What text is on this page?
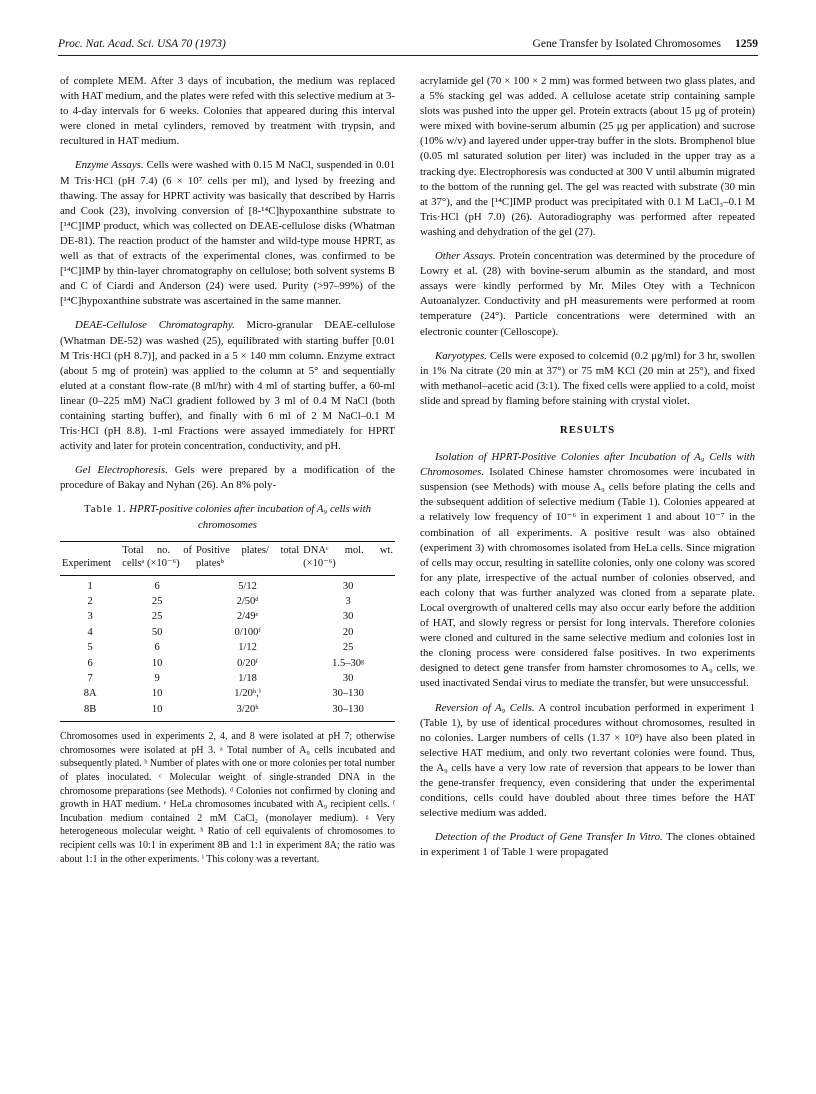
Proc. Nat. Acad. Sci. USA 70 (1973)	Gene Transfer by Isolated Chromosomes 1259

of complete MEM. After 3 days of incubation, the medium was replaced with HAT medium, and the plates were refed with this selective medium at 3- to 4-day intervals for 6 weeks. Colonies that appeared during this interval were cloned in metal cylinders, removed by treatment with trypsin, and recultured in HAT medium.

Enzyme Assays. Cells were washed with 0.15 M NaCl, suspended in 0.01 M Tris·HCl (pH 7.4) (6 × 10⁷ cells per ml), and lysed by freezing and thawing. The assay for HPRT activity was basically that described by Harris and Cook (23), involving conversion of [8-¹⁴C]hypoxanthine substrate to [¹⁴C]IMP product, which was collected on DEAE-cellulose disks (Whatman DE-81). The reaction product of the hamster and wild-type mouse HPRT, as well as that of extracts of the experimental clones, was confirmed to be [¹⁴C]IMP by thin-layer chromatography on cellulose; both solvent systems B and C of Ciardi and Anderson (24) were used. Purity (>97–99%) of the [¹⁴C]hypoxanthine substrate was ascertained in the same manner.

DEAE-Cellulose Chromatography. Micro-granular DEAE-cellulose (Whatman DE-52) was washed (25), equilibrated with starting buffer [0.01 M Tris·HCl (pH 8.7)], and packed in a 5 × 140 mm column. Enzyme extract (about 5 mg of protein) was applied to the column at 5° and sequentially eluted at a constant flow-rate (8 ml/hr) with 4 ml of starting buffer, a 60-ml linear (0–225 mM) NaCl gradient followed by 3 ml of 0.4 M NaCl (both containing starting buffer), and finally with 6 ml of 2 M NaCl–0.1 M Tris·HCl (pH 8.8). 1-ml Fractions were assayed immediately for HPRT activity and later for protein concentration, conductivity, and pH.

Gel Electrophoresis. Gels were prepared by a modification of the procedure of Bakay and Nyhan (26). An 8% poly-

Table 1. HPRT-positive colonies after incubation of A₉ cells with chromosomes
Experiment	Total no. of cellsᵃ (×10⁻⁶)	Positive plates/ total platesᵇ	DNAᶜ mol. wt. (×10⁻⁶)
1	6	5/12	30
2	25	2/50ᵈ	3
3	25	2/49ᵉ	30
4	50	0/100ᶠ	20
5	6	1/12	25
6	10	0/20ᶠ	1.5–30ᵍ
7	9	1/18	30
8A	10	1/20ʰ,ⁱ	30–130
8B	10	3/20ʰ	30–130
Chromosomes used in experiments 2, 4, and 8 were isolated at pH 7; otherwise chromosomes were isolated at pH 3. ᵃ Total number of A₉ cells incubated and subsequently plated. ᵇ Number of plates with one or more colonies per total number of plates inoculated. ᶜ Molecular weight of single-stranded DNA in the chromosome preparations (see Methods). ᵈ Colonies not confirmed by cloning and growth in HAT medium. ᵉ HeLa chromosomes incubated with A₉ recipient cells. ᶠ Incubation medium contained 2 mM CaCl₂ (monolayer medium). ᵍ Very heterogeneous molecular weight. ʰ Ratio of cell equivalents of chromosomes to recipient cells was 10:1 in experiment 8B and 1:1 in experiment 8A; the ratio was about 1:1 in the other experiments. ⁱ This colony was a revertant.

acrylamide gel (70 × 100 × 2 mm) was formed between two glass plates, and a 5% stacking gel was added. A cellulose acetate strip containing sample slots was pushed into the upper gel. Protein extracts (about 15 μg of protein) were mixed with bovine-serum albumin (25 μg per application) and sucrose (10% w/v) and layered under upper-tray buffer in the slots. Bromphenol blue (0.05 ml saturated solution per liter) was included in the upper tray as a tracking dye. Electrophoresis was conducted at 300 V until albumin migrated to the bottom of the running gel. The gel was reacted with substrate (30 min at 37°), and the [¹⁴C]IMP product was precipitated with 0.1 M LaCl₃–0.1 M Tris·HCl (pH 7.0) (26). Autoradiography was performed after repeated washing and dehydration of the gel (27).

Other Assays. Protein concentration was determined by the procedure of Lowry et al. (28) with bovine-serum albumin as the standard, and most assays were kindly performed by Mr. Miles Otey with a Technicon Autoanalyzer. Conductivity and pH measurements were performed at room temperature (24°). Particle concentrations were determined with an electronic counter (Celloscope).

Karyotypes. Cells were exposed to colcemid (0.2 μg/ml) for 3 hr, swollen in 1% Na citrate (20 min at 37°) or 75 mM KCl (20 min at 25°), and fixed with methanol–acetic acid (3:1). The fixed cells were applied to a cold, moist slide and spread by flaming before staining with crystal violet.

RESULTS

Isolation of HPRT-Positive Colonies after Incubation of A₉ Cells with Chromosomes. Isolated Chinese hamster chromosomes were incubated in suspension (see Methods) with mouse A₉ cells before plating the cells and the subsequent addition of selective medium (Table 1). Colonies appeared at a relatively low frequency of 10⁻⁶ in experiment 1 and about 10⁻⁷ in the combination of all experiments. A positive result was also obtained (experiment 3) with chromosomes isolated from HeLa cells. Since migration of cells may occur, resulting in satellite colonies, only one colony was scored for any plate, irrespective of the actual number of colonies observed, and each colony that was further analyzed was cloned from a separate plate. Local overgrowth of unaltered cells may also occur early before the addition of HAT, and slowly regress or persist for long intervals. Therefore colonies were cloned and cultured in the same selective medium and colonies lost in the cloning process were considered false positives. In two experiments designed to detect gene transfer from hamster chromosomes to A₉ cells, we used inactivated Sendai virus to mediate the transfer, but were unsuccessful.

Reversion of A₉ Cells. A control incubation performed in experiment 1 (Table 1), by use of identical procedures without chromosomes, resulted in no colonies. Larger numbers of cells (1.37 × 10⁹) have also been plated in selective HAT medium, and only two revertant colonies were found. Thus, the A₉ cells have a very low rate of reversion that appears to be lower than the gene-transfer frequency, even considering that under the experimental conditions, cells could have doubled about three times before the HAT selective medium was added.

Detection of the Product of Gene Transfer In Vitro. The clones obtained in experiment 1 of Table 1 were propagated
